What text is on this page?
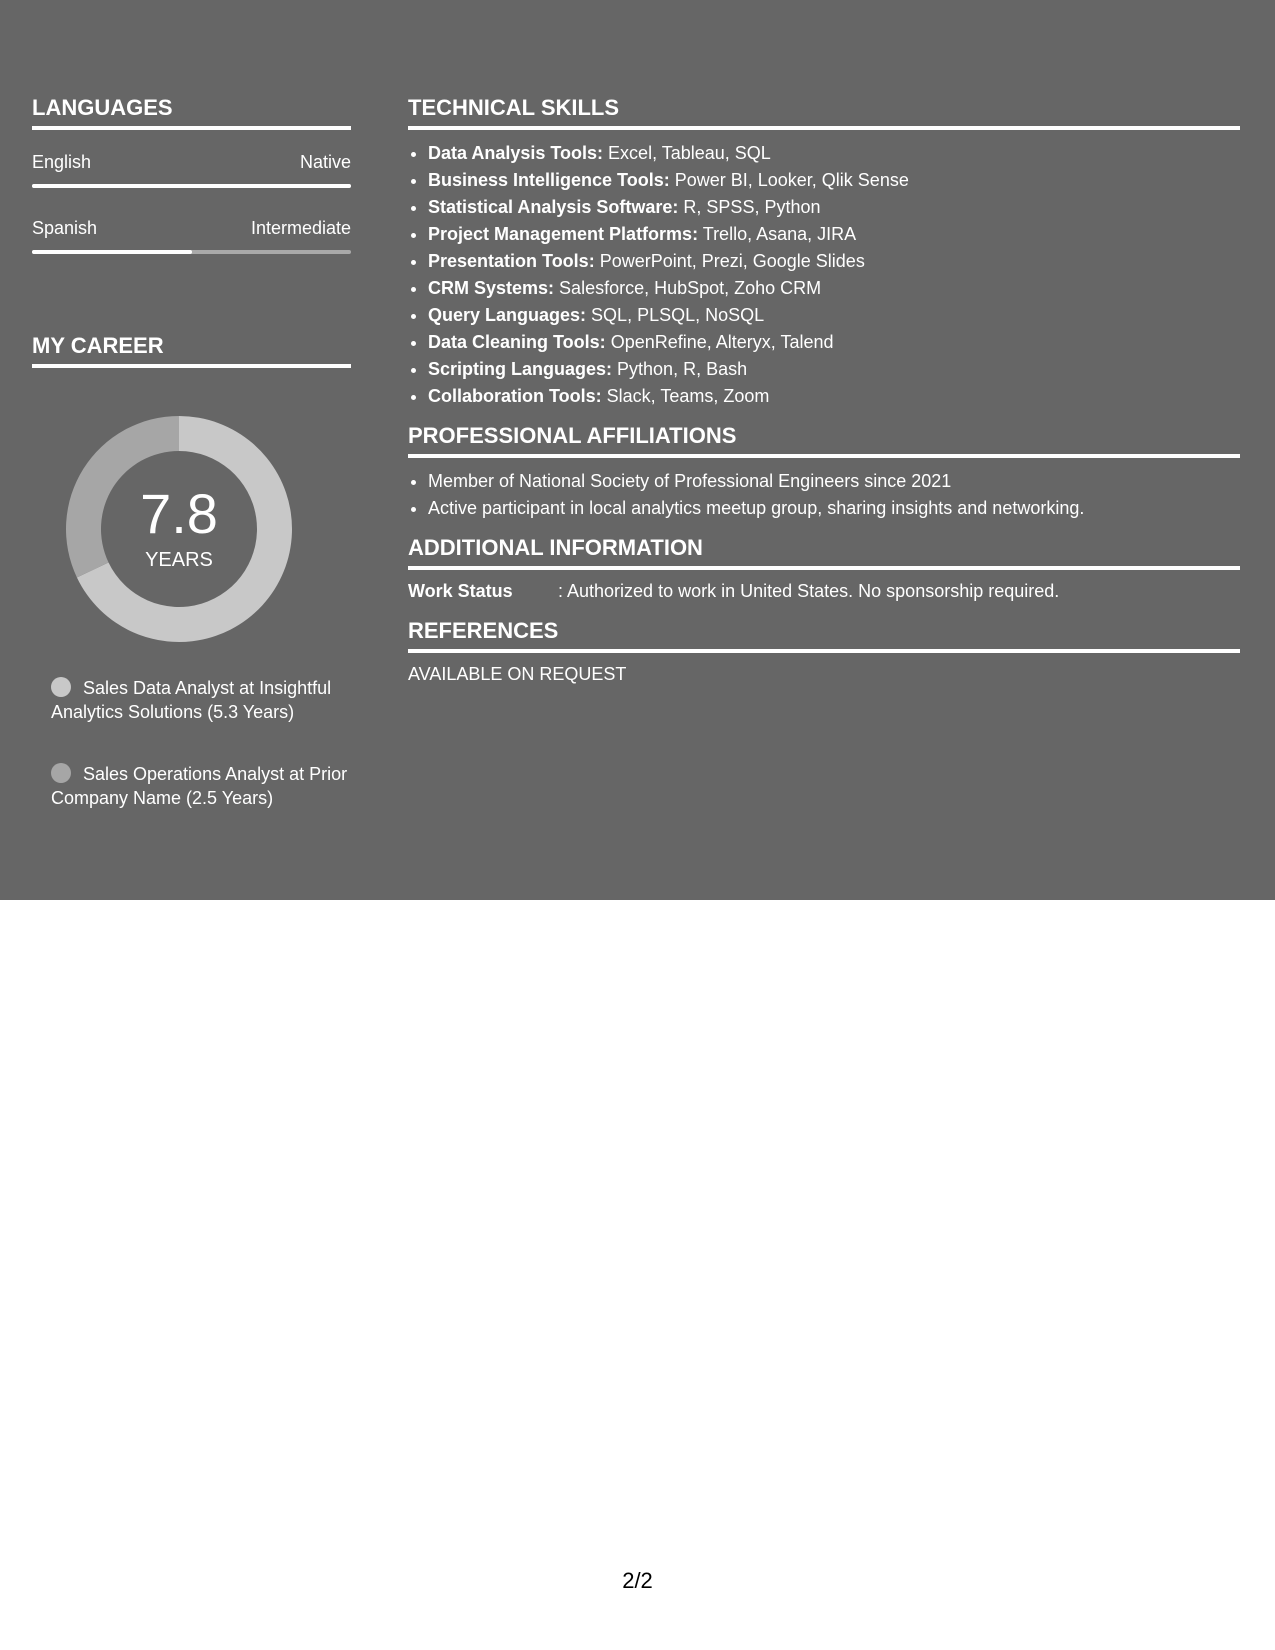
LANGUAGES
English	Native
Spanish	Intermediate
MY CAREER
7.8
YEARS
Sales Data Analyst at Insightful Analytics Solutions (5.3 Years)
Sales Operations Analyst at Prior Company Name (2.5 Years)
TECHNICAL SKILLS
• Data Analysis Tools: Excel, Tableau, SQL
• Business Intelligence Tools: Power BI, Looker, Qlik Sense
• Statistical Analysis Software: R, SPSS, Python
• Project Management Platforms: Trello, Asana, JIRA
• Presentation Tools: PowerPoint, Prezi, Google Slides
• CRM Systems: Salesforce, HubSpot, Zoho CRM
• Query Languages: SQL, PLSQL, NoSQL
• Data Cleaning Tools: OpenRefine, Alteryx, Talend
• Scripting Languages: Python, R, Bash
• Collaboration Tools: Slack, Teams, Zoom
PROFESSIONAL AFFILIATIONS
• Member of National Society of Professional Engineers since 2021
• Active participant in local analytics meetup group, sharing insights and networking.
ADDITIONAL INFORMATION
Work Status	: Authorized to work in United States. No sponsorship required.
REFERENCES
AVAILABLE ON REQUEST
2/2
